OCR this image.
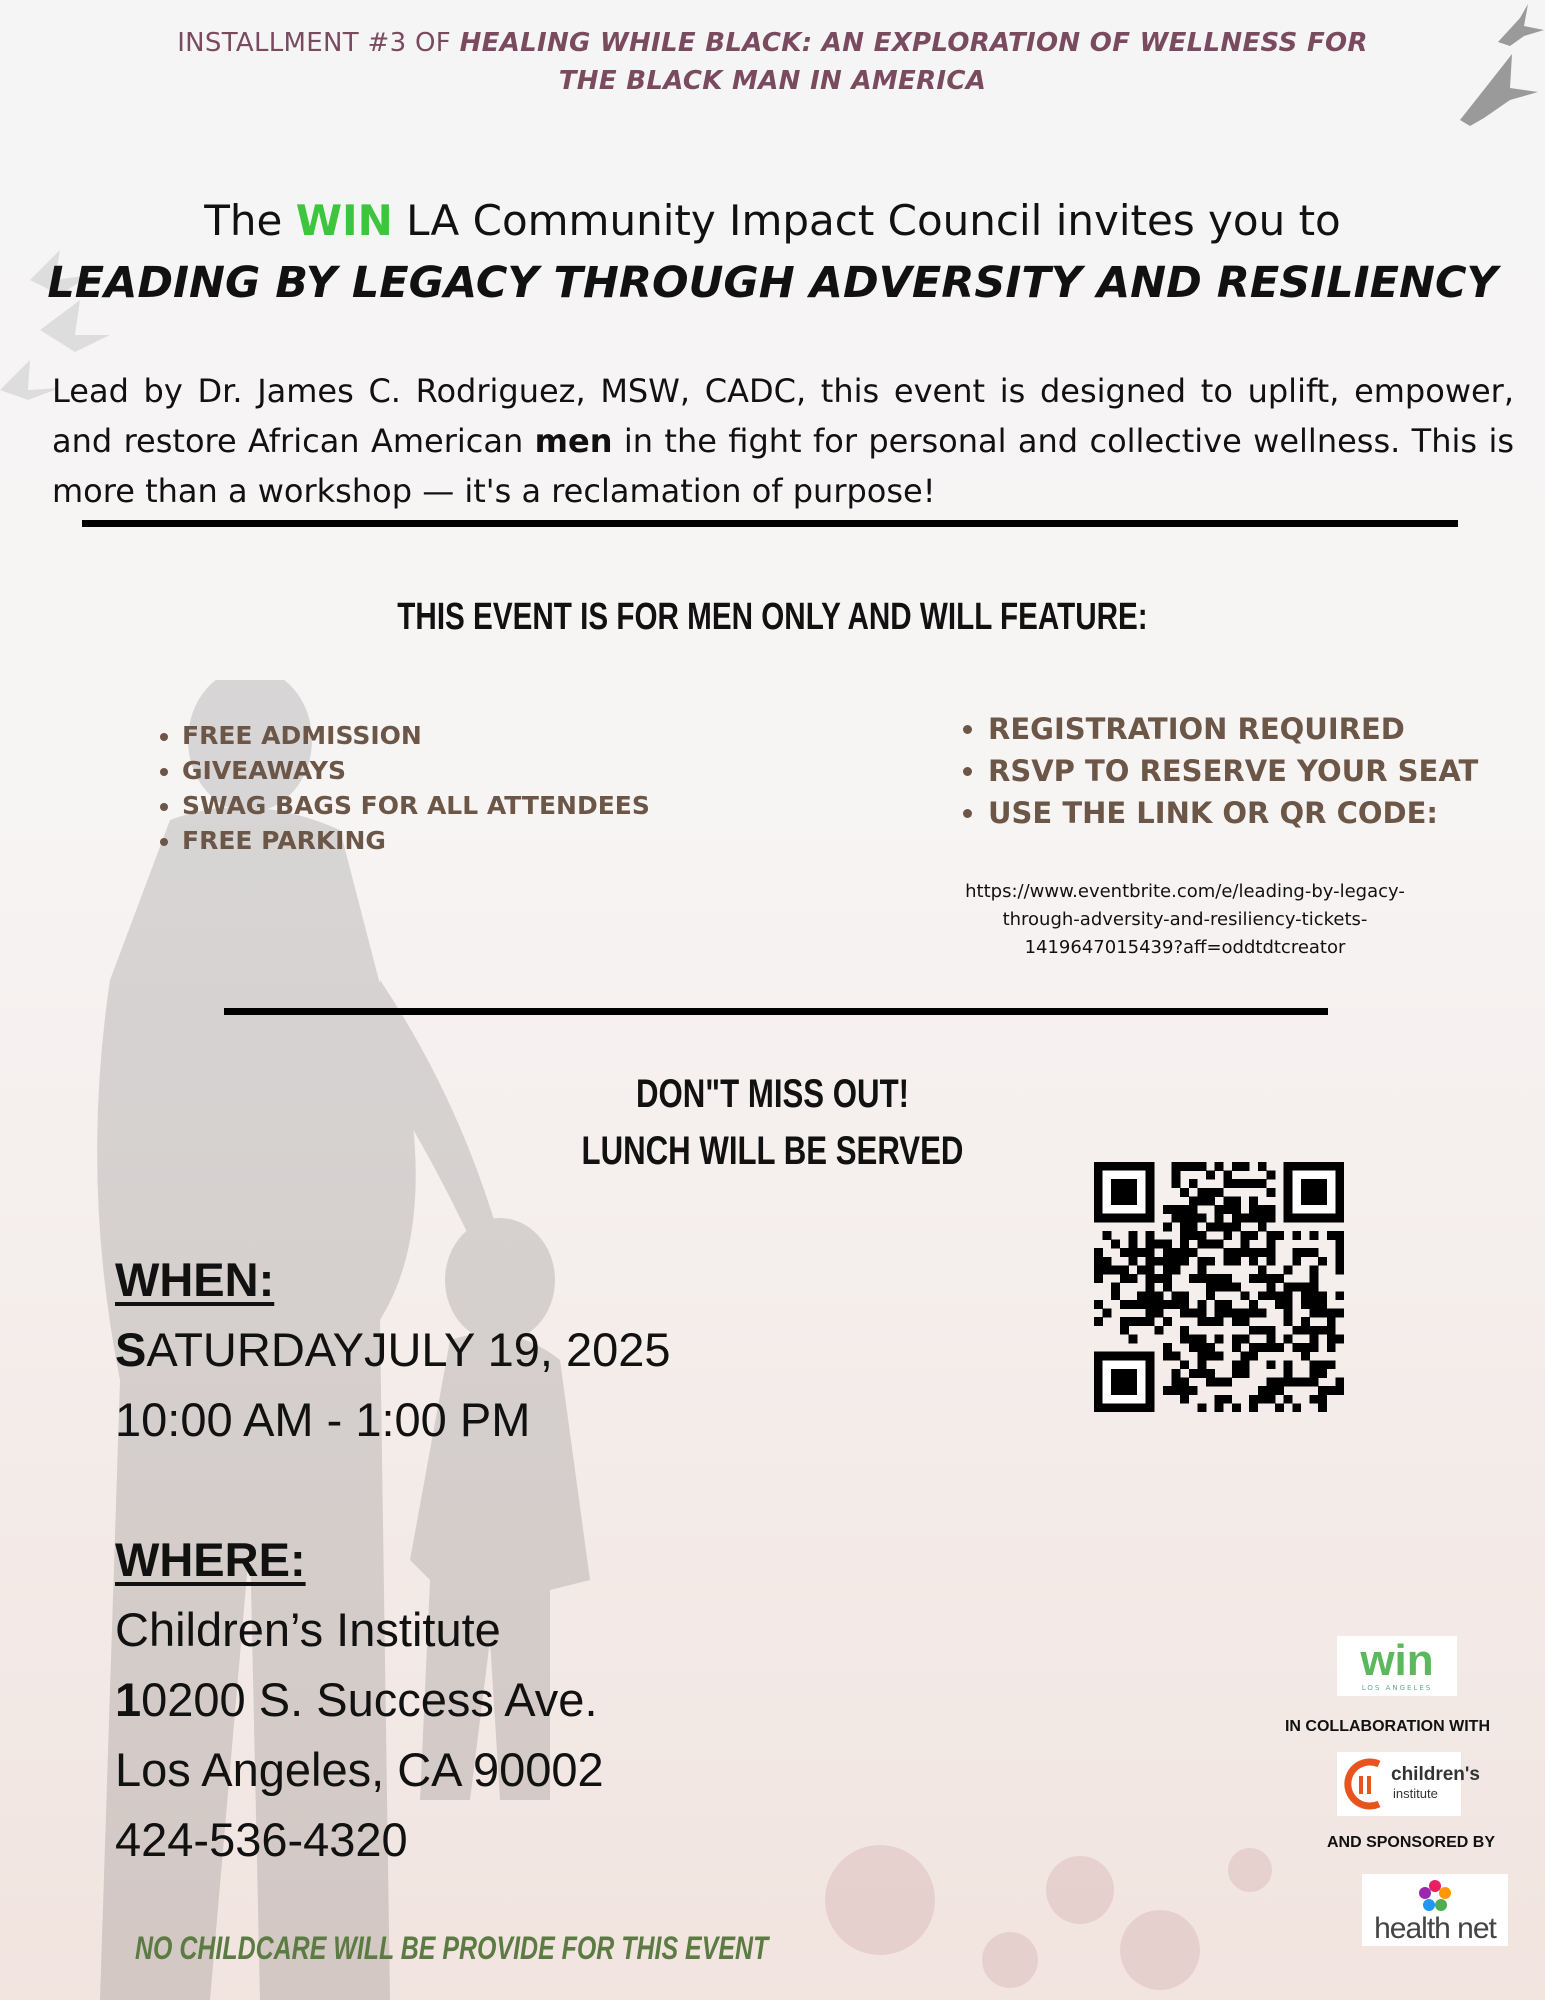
INSTALLMENT #3 OF HEALING WHILE BLACK: AN EXPLORATION OF WELLNESS FOR THE BLACK MAN IN AMERICA
The WIN LA Community Impact Council invites you to
LEADING BY LEGACY THROUGH ADVERSITY AND RESILIENCY
Lead by Dr. James C. Rodriguez, MSW, CADC, this event is designed to uplift, empower, and restore African American men in the fight for personal and collective wellness. This is more than a workshop — it's a reclamation of purpose!
THIS EVENT IS FOR MEN ONLY AND WILL FEATURE:
• FREE ADMISSION
• GIVEAWAYS
• SWAG BAGS FOR ALL ATTENDEES
• FREE PARKING
• REGISTRATION REQUIRED
• RSVP TO RESERVE YOUR SEAT
• USE THE LINK OR QR CODE:
https://www.eventbrite.com/e/leading-by-legacy-
through-adversity-and-resiliency-tickets-
1419647015439?aff=oddtdtcreator
DON"T MISS OUT!
LUNCH WILL BE SERVED
WHEN:
SATURDAYJULY 19, 2025
10:00 AM - 1:00 PM
WHERE:
Children’s Institute
10200 S. Success Ave.
Los Angeles, CA 90002
424-536-4320
NO CHILDCARE WILL BE PROVIDE FOR THIS EVENT
win
LOS ANGELES
IN COLLABORATION WITH
children's
institute
AND SPONSORED BY
health net
